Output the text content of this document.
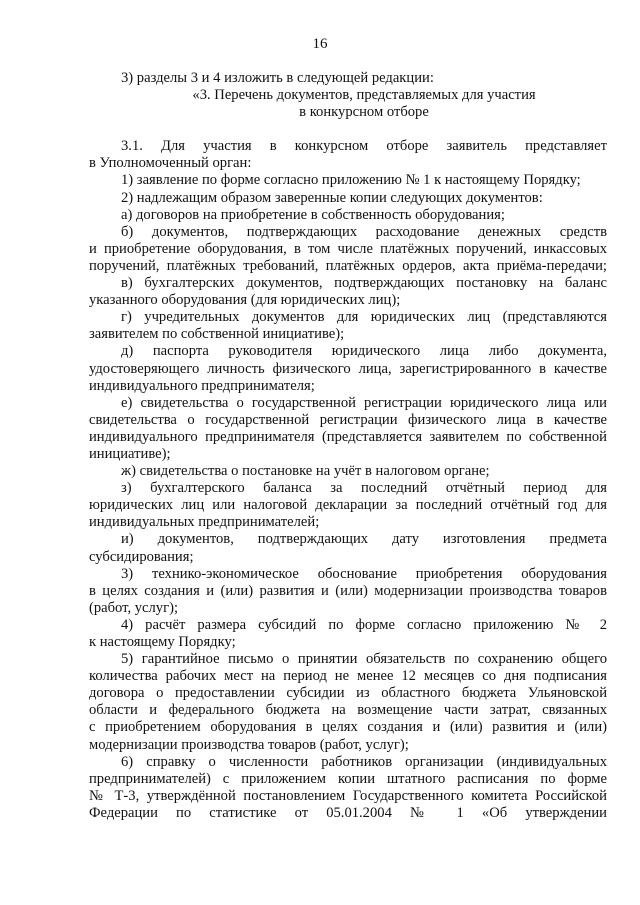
16
3) разделы 3 и 4 изложить в следующей редакции:
«3. Перечень документов, представляемых для участия
в конкурсном отборе
3.1. Для участия в конкурсном отборе заявитель представляет
в Уполномоченный орган:
1) заявление по форме согласно приложению № 1 к настоящему Порядку;
2) надлежащим образом заверенные копии следующих документов:
а) договоров на приобретение в собственность оборудования;
б) документов, подтверждающих расходование денежных средств
и приобретение оборудования, в том числе платёжных поручений, инкассовых
поручений, платёжных требований, платёжных ордеров, акта приёма-передачи;
в) бухгалтерских документов, подтверждающих постановку на баланс
указанного оборудования (для юридических лиц);
г) учредительных документов для юридических лиц (представляются
заявителем по собственной инициативе);
д) паспорта руководителя юридического лица либо документа,
удостоверяющего личность физического лица, зарегистрированного в качестве
индивидуального предпринимателя;
е) свидетельства о государственной регистрации юридического лица или
свидетельства о государственной регистрации физического лица в качестве
индивидуального предпринимателя (представляется заявителем по собственной
инициативе);
ж) свидетельства о постановке на учёт в налоговом органе;
з) бухгалтерского баланса за последний отчётный период для
юридических лиц или налоговой декларации за последний отчётный год для
индивидуальных предпринимателей;
и) документов, подтверждающих дату изготовления предмета
субсидирования;
3) технико-экономическое обоснование приобретения оборудования
в целях создания и (или) развития и (или) модернизации производства товаров
(работ, услуг);
4) расчёт размера субсидий по форме согласно приложению № 2
к настоящему Порядку;
5) гарантийное письмо о принятии обязательств по сохранению общего
количества рабочих мест на период не менее 12 месяцев со дня подписания
договора о предоставлении субсидии из областного бюджета Ульяновской
области и федерального бюджета на возмещение части затрат, связанных
с приобретением оборудования в целях создания и (или) развития и (или)
модернизации производства товаров (работ, услуг);
6) справку о численности работников организации (индивидуальных
предпринимателей) с приложением копии штатного расписания по форме
№ Т-3, утверждённой постановлением Государственного комитета Российской
Федерации по статистике от 05.01.2004 № 1 «Об утверждении
